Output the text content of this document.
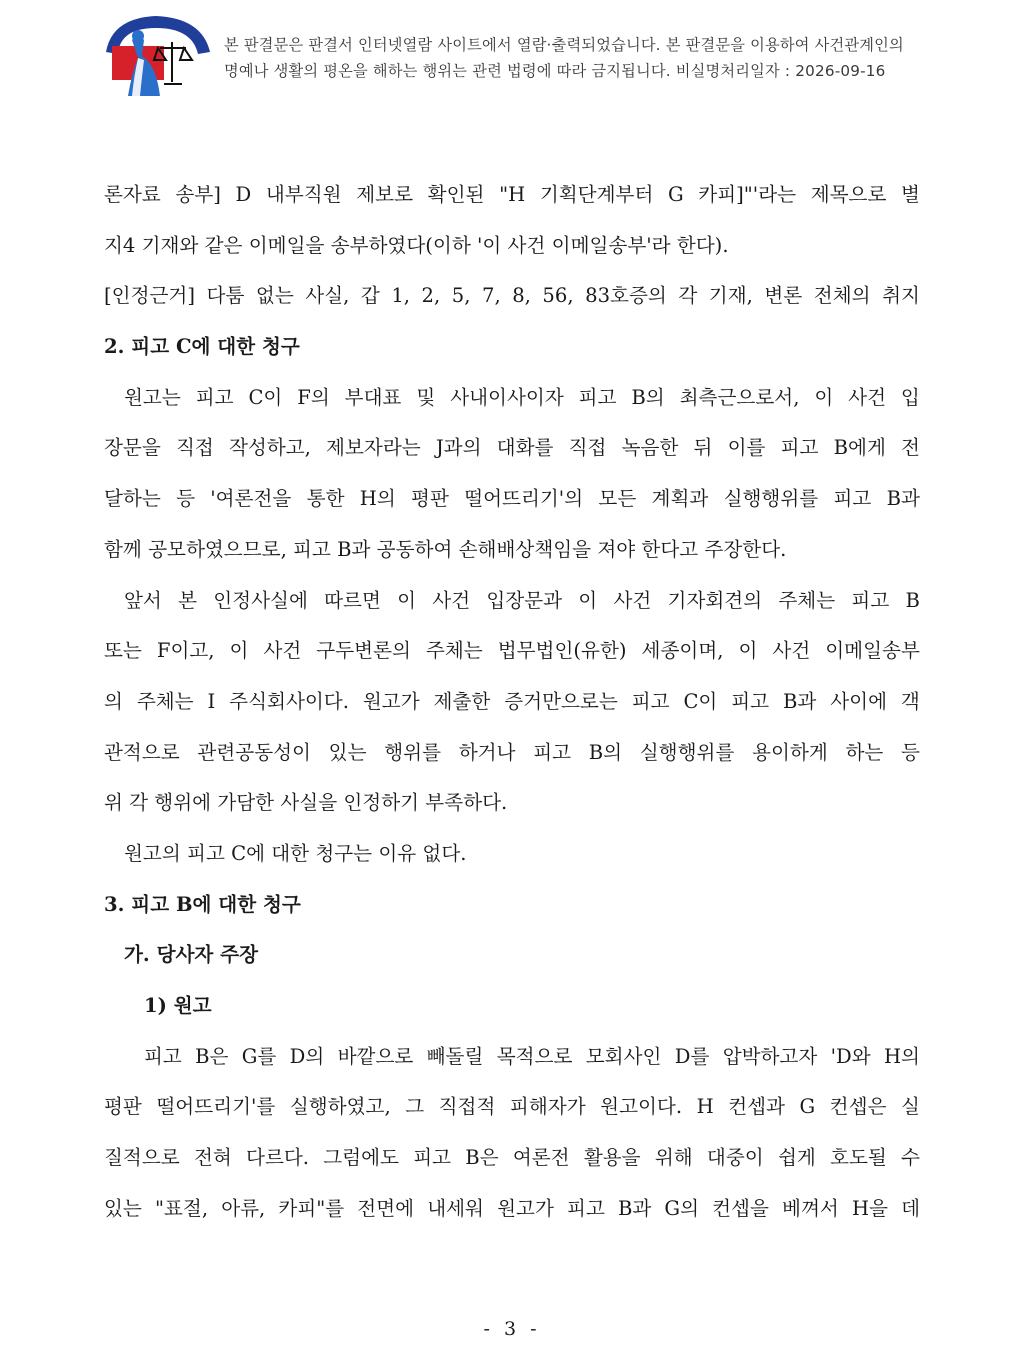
본 판결문은 판결서 인터넷열람 사이트에서 열람·출력되었습니다. 본 판결문을 이용하여 사건관계인의
명예나 생활의 평온을 해하는 행위는 관련 법령에 따라 금지됩니다. 비실명처리일자 : 2026-09-16
론자료 송부] D 내부직원 제보로 확인된 "H 기획단계부터 G 카피]"'라는 제목으로 별
지4 기재와 같은 이메일을 송부하였다(이하 '이 사건 이메일송부'라 한다).
[인정근거] 다툼 없는 사실, 갑 1, 2, 5, 7, 8, 56, 83호증의 각 기재, 변론 전체의 취지
2. 피고 C에 대한 청구
원고는 피고 C이 F의 부대표 및 사내이사이자 피고 B의 최측근으로서, 이 사건 입
장문을 직접 작성하고, 제보자라는 J과의 대화를 직접 녹음한 뒤 이를 피고 B에게 전
달하는 등 '여론전을 통한 H의 평판 떨어뜨리기'의 모든 계획과 실행행위를 피고 B과
함께 공모하였으므로, 피고 B과 공동하여 손해배상책임을 져야 한다고 주장한다.
앞서 본 인정사실에 따르면 이 사건 입장문과 이 사건 기자회견의 주체는 피고 B
또는 F이고, 이 사건 구두변론의 주체는 법무법인(유한) 세종이며, 이 사건 이메일송부
의 주체는 I 주식회사이다. 원고가 제출한 증거만으로는 피고 C이 피고 B과 사이에 객
관적으로 관련공동성이 있는 행위를 하거나 피고 B의 실행행위를 용이하게 하는 등
위 각 행위에 가담한 사실을 인정하기 부족하다.
원고의 피고 C에 대한 청구는 이유 없다.
3. 피고 B에 대한 청구
가. 당사자 주장
1) 원고
피고 B은 G를 D의 바깥으로 빼돌릴 목적으로 모회사인 D를 압박하고자 'D와 H의
평판 떨어뜨리기'를 실행하였고, 그 직접적 피해자가 원고이다. H 컨셉과 G 컨셉은 실
질적으로 전혀 다르다. 그럼에도 피고 B은 여론전 활용을 위해 대중이 쉽게 호도될 수
있는 "표절, 아류, 카피"를 전면에 내세워 원고가 피고 B과 G의 컨셉을 베껴서 H을 데
- 3 -
